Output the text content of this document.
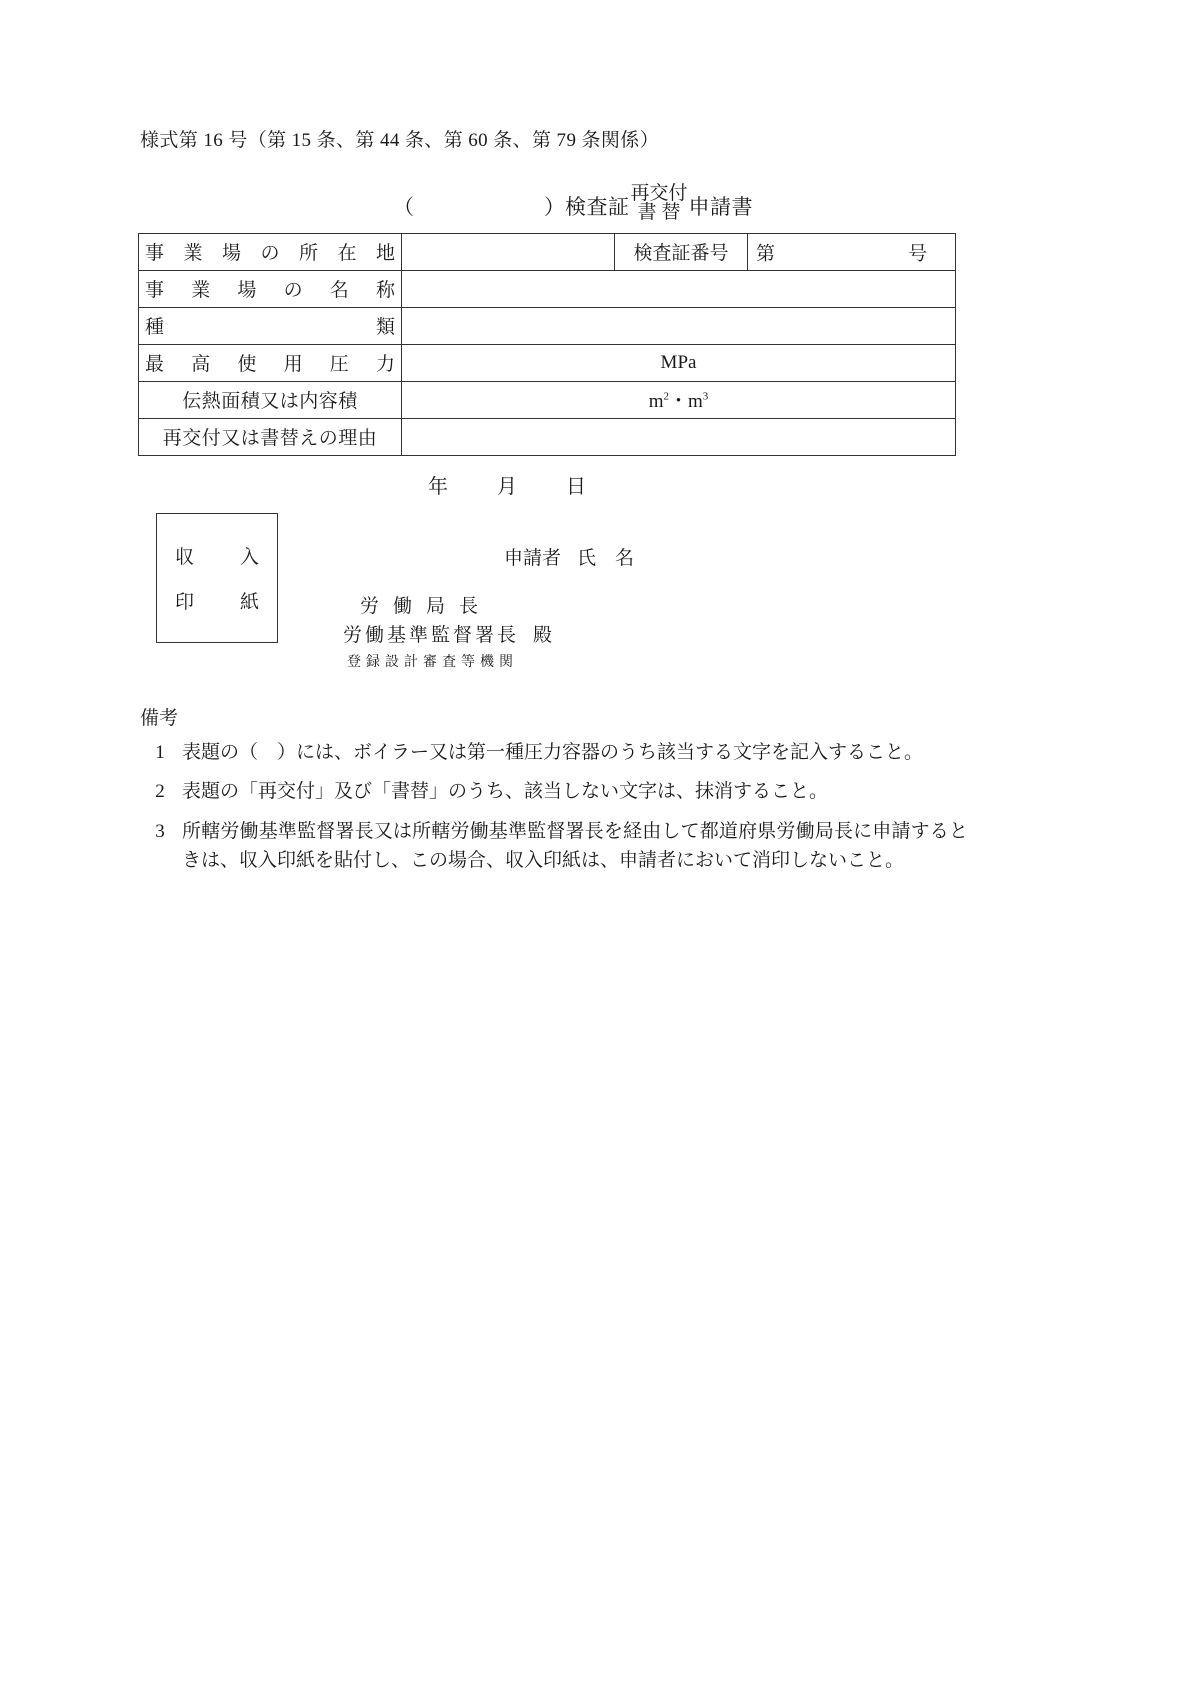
様式第 16 号（第 15 条、第 44 条、第 60 条、第 79 条関係）
（	） 検査証
再交付
書替 申請書
事業場の所在地		検査証番号	第 号

事業場の名称			
種類			
最高使用圧力	MPa		
伝熱面積又は内容積	$m^2$・$m^3$
再交付又は書替えの理由			
年 月 日
収 入
印 紙
申請者 氏　名
労働局長
労働基準監督署長 殿
登録設計審査等機関
備考
1 表題の（　）には、ボイラー又は第一種圧力容器のうち該当する文字を記入すること。
2 表題の「再交付」及び「書替」のうち、該当しない文字は、抹消すること。
3 所轄労働基準監督署長又は所轄労働基準監督署長を経由して都道府県労働局長に申請するときは、収入印紙を貼付し、この場合、収入印紙は、申請者において消印しないこと。
